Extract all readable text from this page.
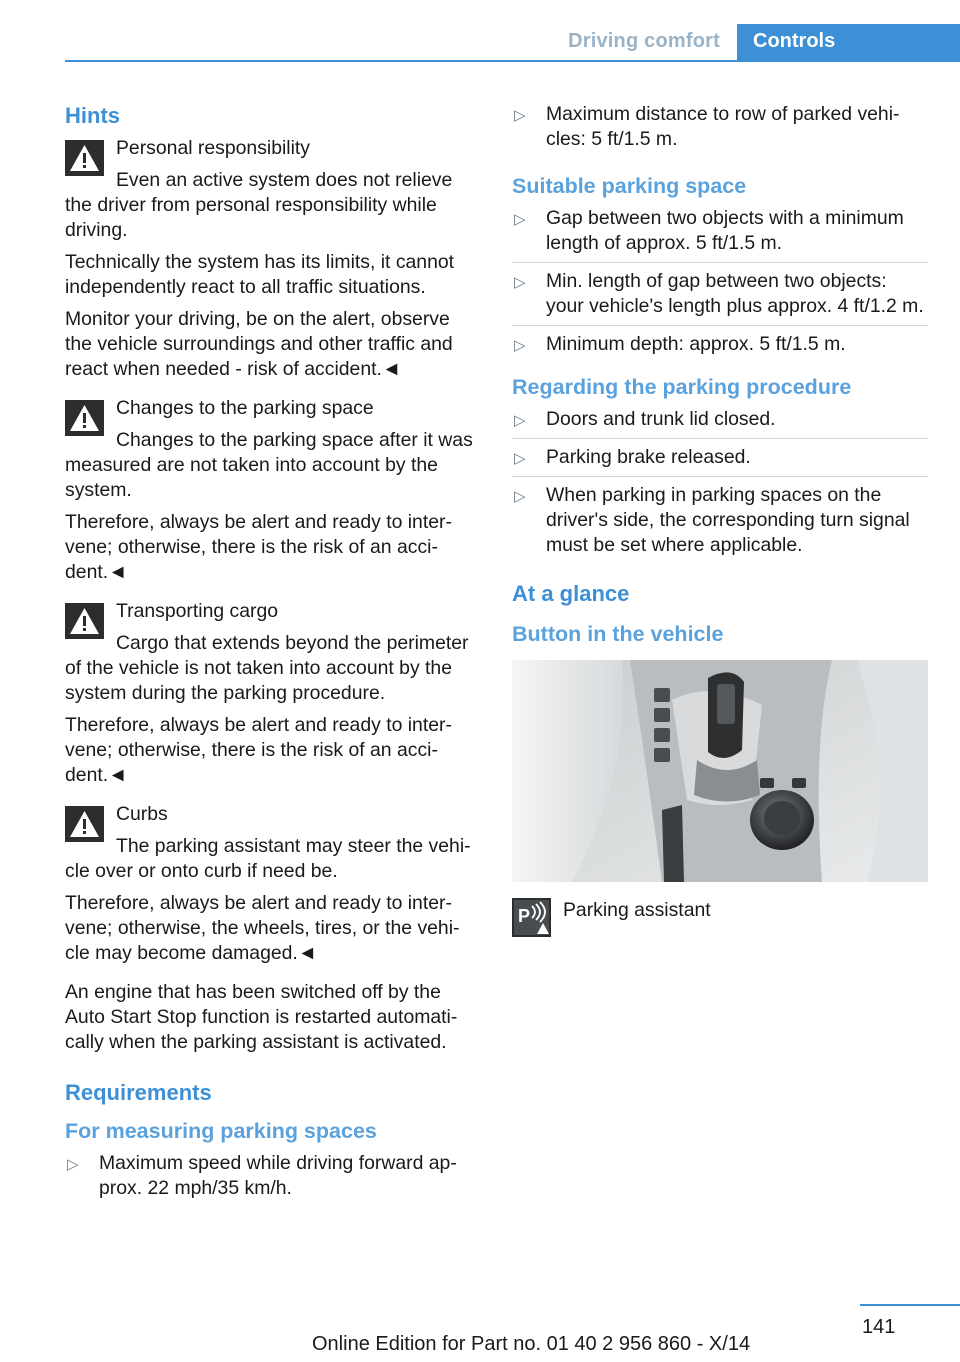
Driving comfort	Controls
Hints

Personal responsibility

Even an active system does not relieve

the driver from personal responsibility while driving.

Technically the system has its limits, it cannot independently react to all traffic situations.

Monitor your driving, be on the alert, observe the vehicle surroundings and other traffic and react when needed - risk of accident.◄

Changes to the parking space

Changes to the parking space after it was

measured are not taken into account by the system.

Therefore, always be alert and ready to inter-vene; otherwise, there is the risk of an acci-dent.◄

Transporting cargo

Cargo that extends beyond the perimeter

of the vehicle is not taken into account by the system during the parking procedure.

Therefore, always be alert and ready to inter-vene; otherwise, there is the risk of an acci-dent.◄

Curbs

The parking assistant may steer the vehi-

cle over or onto curb if need be.

Therefore, always be alert and ready to inter-vene; otherwise, the wheels, tires, or the vehi-cle may become damaged.◄

An engine that has been switched off by the Auto Start Stop function is restarted automati-cally when the parking assistant is activated.

Requirements
For measuring parking spaces
▷ Maximum speed while driving forward ap-prox. 22 mph/35 km/h.
▷ Maximum distance to row of parked vehi-cles: 5 ft/1.5 m.
Suitable parking space
▷ Gap between two objects with a minimum length of approx. 5 ft/1.5 m.
▷ Min. length of gap between two objects: your vehicle's length plus approx. 4 ft/1.2 m.
▷ Minimum depth: approx. 5 ft/1.5 m.
Regarding the parking procedure
▷ Doors and trunk lid closed.
▷ Parking brake released.
▷ When parking in parking spaces on the driver's side, the corresponding turn signal must be set where applicable.
At a glance
Button in the vehicle
P Parking assistant
141
Online Edition for Part no. 01 40 2 956 860 - X/14
